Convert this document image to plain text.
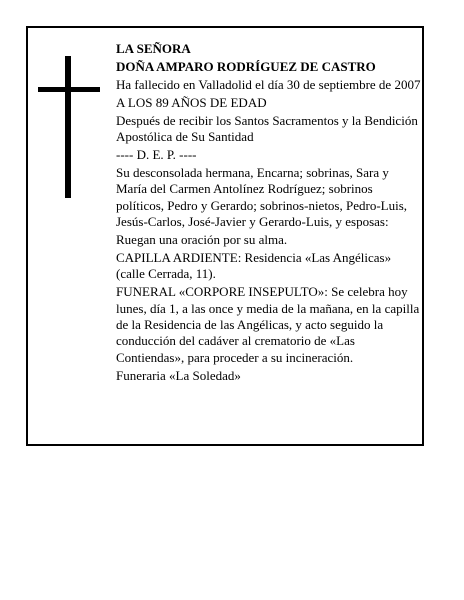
LA SEÑORA

DOÑA AMPARO RODRÍGUEZ DE CASTRO

Ha fallecido en Valladolid el día 30 de septiembre de 2007

A LOS 89 AÑOS DE EDAD

Después de recibir los Santos Sacramentos y la Bendición Apostólica de Su Santidad

---- D. E. P. ----

Su desconsolada hermana, Encarna; sobrinas, Sara y María del Carmen Antolínez Rodríguez; sobrinos políticos, Pedro y Gerardo; sobrinos-nietos, Pedro-Luis, Jesús-Carlos, José-Javier y Gerardo-Luis, y esposas:

Ruegan una oración por su alma.

CAPILLA ARDIENTE: Residencia «Las Angélicas» (calle Cerrada, 11).

FUNERAL «CORPORE INSEPULTO»: Se celebra hoy lunes, día 1, a las once y media de la mañana, en la capilla de la Residencia de las Angélicas, y acto seguido la conducción del cadáver al crematorio de «Las Contiendas», para proceder a su incineración.

Funeraria «La Soledad»
